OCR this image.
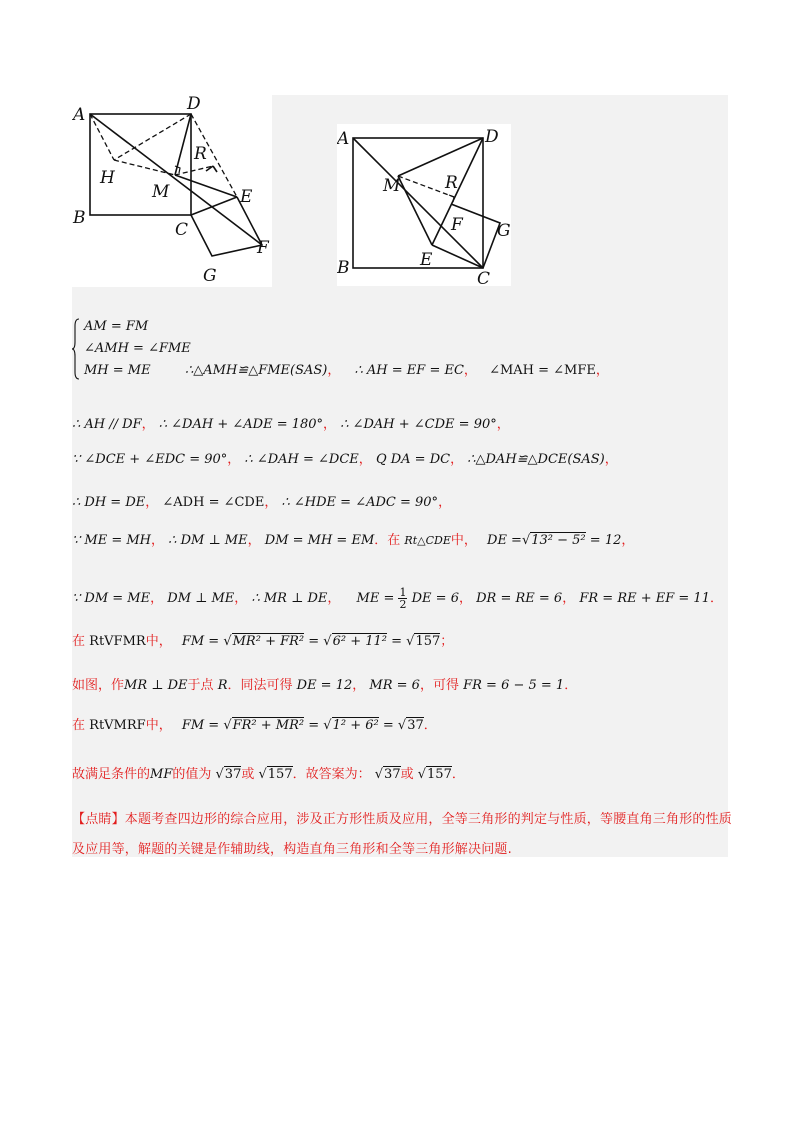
A
D
B
C
H
M
R
E
F
G
A	D
B
C
M	R
F G
E
AM = FM
∠AMH = ∠FME
MH = ME	∴△AMH≌△FME(SAS)， ∴ AH = EF = EC， ∠MAH = ∠MFE，
∴ AH // DF， ∴ ∠DAH + ∠ADE = 180°， ∴ ∠DAH + ∠CDE = 90°，
∵ ∠DCE + ∠EDC = 90°， ∴ ∠DAH = ∠DCE， Q DA = DC， ∴△DAH≌△DCE(SAS)，
∴ DH = DE， ∠ADH = ∠CDE， ∴ ∠HDE = ∠ADC = 90°，
∵ ME = MH， ∴ DM ⊥ ME， DM = MH = EM．在 Rt△CDE中， DE =√13² − 5² = 12，
∵ DM = ME， DM ⊥ ME， ∴ MR ⊥ DE， ME = $\frac{1}{2}$ DE = 6， DR = RE = 6， FR = RE + EF = 11．
在 RtVFMR中， FM = √MR² + FR² = √6² + 11² = √157；
如图，作MR ⊥ DE于点 R．同法可得 DE = 12， MR = 6，可得 FR = 6 − 5 = 1．
在 RtVMRF中， FM = √FR² + MR² = √1² + 6² = √37．
故满足条件的MF的值为 √37或 √157．故答案为： √37或 √157．
【点睛】本题考查四边形的综合应用，涉及正方形性质及应用，全等三角形的判定与性质，等腰直角三角形的性质及应用等，解题的关键是作辅助线，构造直角三角形和全等三角形解决问题.
